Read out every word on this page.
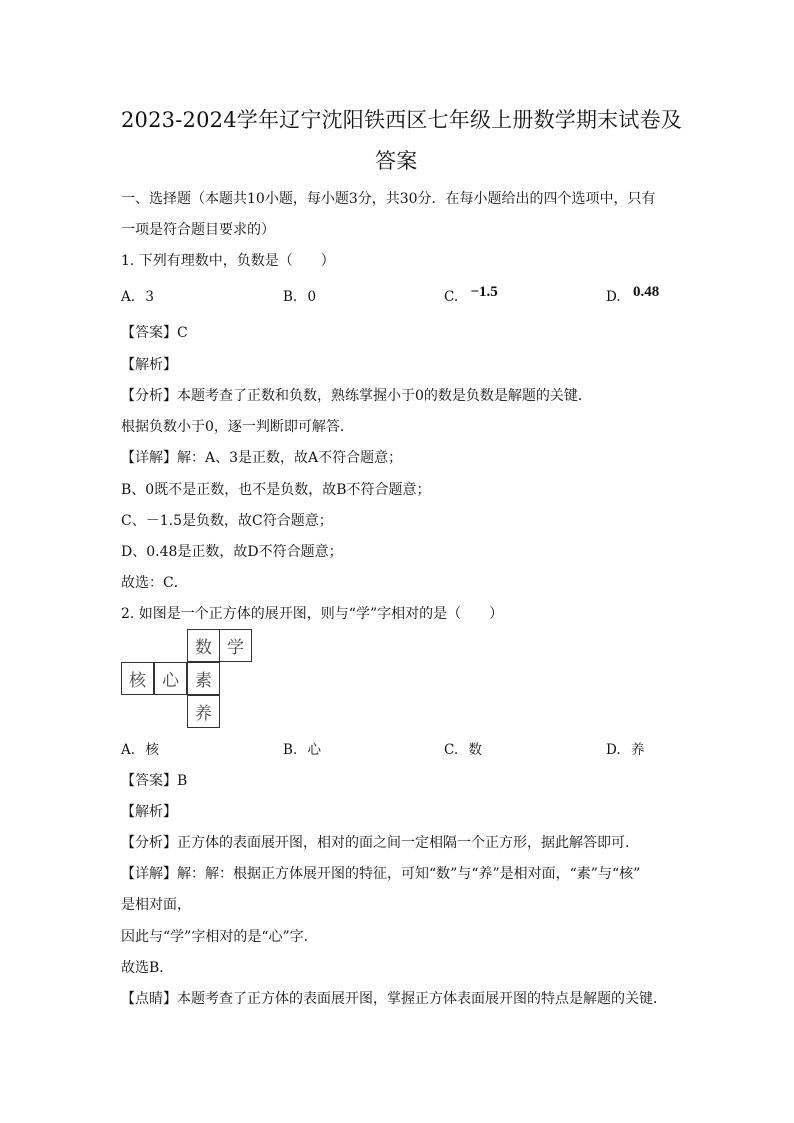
2023-2024学年辽宁沈阳铁西区七年级上册数学期末试卷及
答案
一、选择题（本题共10小题，每小题3分，共30分．在每小题给出的四个选项中，只有
一项是符合题目要求的）
1. 下列有理数中，负数是（　　）
A. 3	B. 0	C. −1.5	D. 0.48
【答案】C
【解析】
【分析】本题考查了正数和负数，熟练掌握小于0的数是负数是解题的关键．
根据负数小于0，逐一判断即可解答．
【详解】解：A、3是正数，故A不符合题意；
B、0既不是正数，也不是负数，故B不符合题意；
C、－1.5是负数，故C符合题意；
D、0.48是正数，故D不符合题意；
故选：C．
2. 如图是一个正方体的展开图，则与“学”字相对的是（　　）
数 学
核 心 素
养
A. 核	B. 心	C. 数	D. 养
【答案】B
【解析】
【分析】正方体的表面展开图，相对的面之间一定相隔一个正方形，据此解答即可．
【详解】解：解：根据正方体展开图的特征，可知“数”与“养”是相对面，“素”与“核”
是相对面，
因此与“学”字相对的是“心”字．
故选B．
【点睛】本题考查了正方体的表面展开图，掌握正方体表面展开图的特点是解题的关键．
